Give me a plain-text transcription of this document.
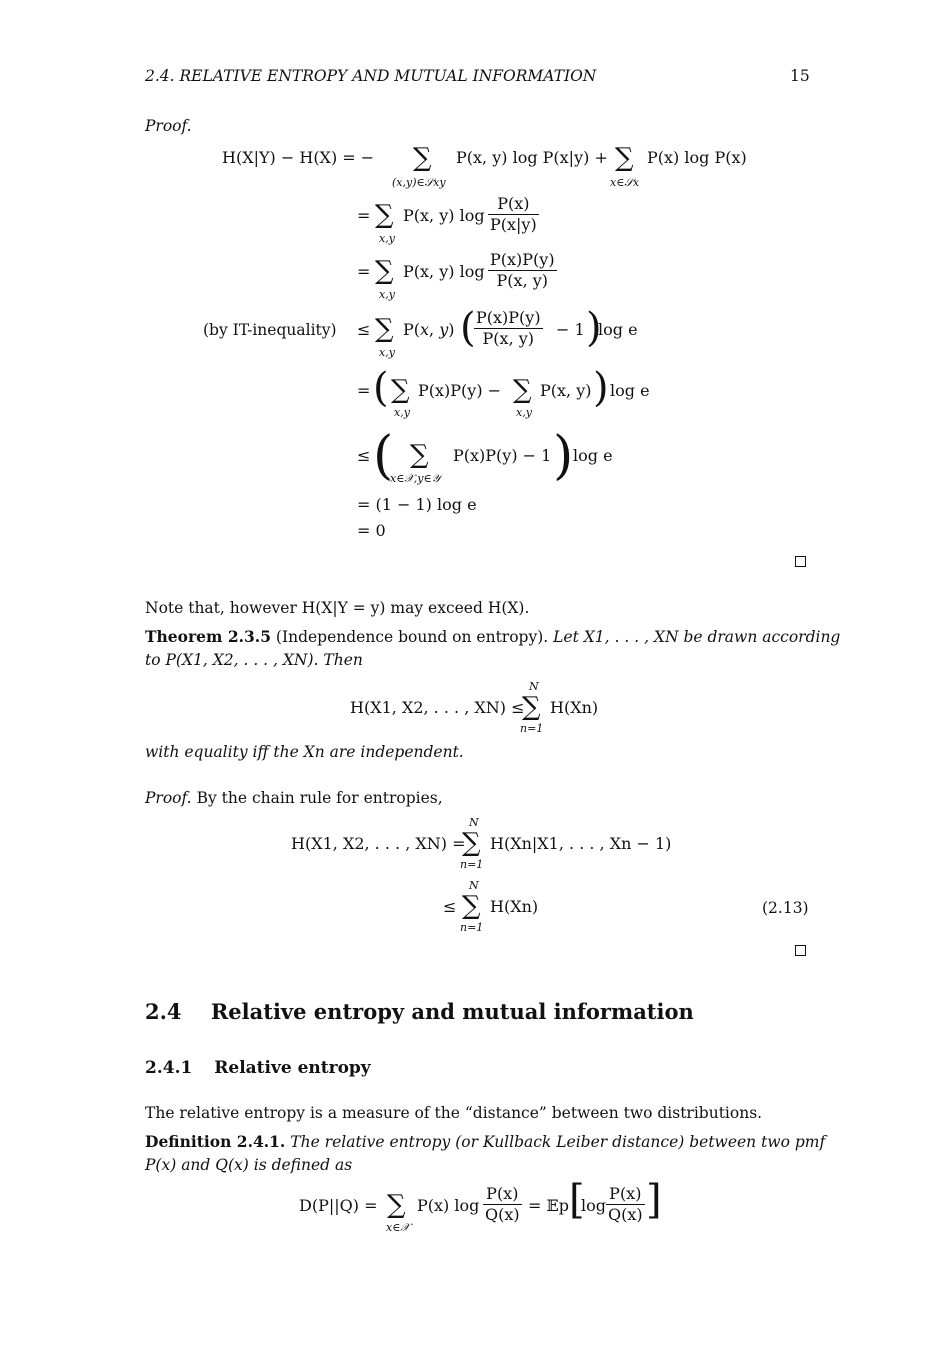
2.4. RELATIVE ENTROPY AND MUTUAL INFORMATION	15
Proof.
H(X|Y) − H(X) = − ∑
(x,y)∈𝒮xy
P(x, y) log P(x|y) + ∑
x∈𝒮x
P(x) log P(x)
= ∑
x,y
P(x, y) $\log \frac{P(x)}{P(x|y)}$
= ∑
x,y
P(x, y) $\log \frac{P(x)P(y)}{P(x, y)}$
(by IT-inequality) ≤ ∑
x,y
P(x, y) (
$\frac{P(x)P(y)}{P(x, y)} - 1$ )
log e
= ( ∑
x,y
P(x)P(y) − ∑
x,y
P(x, y) ) log e
≤ ( ∑
x∈𝒳,y∈𝒴
P(x)P(y) − 1 ) log e
= (1 − 1) log e
= 0
Note that, however H(X|Y = y) may exceed H(X).
Theorem 2.3.5 (Independence bound on entropy). Let X1, . . . , XN be drawn according
to P(X1, X2, . . . , XN). Then
H(X1, X2, . . . , XN) ≤
N
∑
n=1
H(Xn)
with equality iff the Xn are independent.
Proof. By the chain rule for entropies,
H(X1, X2, . . . , XN) =
N
∑
n=1
H(Xn|X1, . . . , Xn − 1)
≤
N
∑
n=1
H(Xn)	(2.13)
2.4 Relative entropy and mutual information
2.4.1 Relative entropy
The relative entropy is a measure of the “distance” between two distributions.
Definition 2.4.1. The relative entropy (or Kullback Leiber distance) between two pmf
P(x) and Q(x) is defined as
D(P||Q) = ∑
x∈𝒳
P(x) $\log \frac{P(x)}{Q(x)}$ = 𝔼p [
$\log \frac{P(x)}{Q(x)}$ ]
